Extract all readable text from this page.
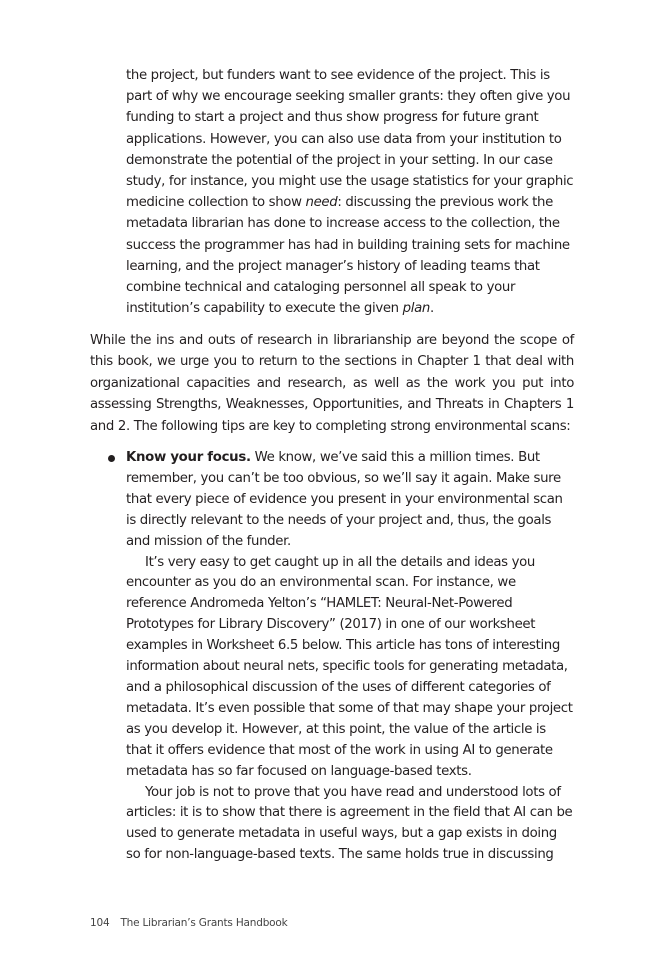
the project, but funders want to see evidence of the project. This is part of why we encourage seeking smaller grants: they often give you funding to start a project and thus show progress for future grant applications. However, you can also use data from your institution to demonstrate the potential of the project in your setting. In our case study, for instance, you might use the usage statistics for your graphic medicine collection to show need: discussing the previous work the metadata librarian has done to increase access to the collection, the success the programmer has had in building training sets for machine learning, and the project manager’s history of leading teams that combine technical and cataloging personnel all speak to your institution’s capability to execute the given plan.

While the ins and outs of research in librarianship are beyond the scope of this book, we urge you to return to the sections in Chapter 1 that deal with organizational capacities and research, as well as the work you put into assessing Strengths, Weaknesses, Opportunities, and Threats in Chapters 1 and 2. The following tips are key to completing strong environmental scans:

Know your focus. We know, we’ve said this a million times. But remember, you can’t be too obvious, so we’ll say it again. Make sure that every piece of evidence you present in your environmental scan is directly relevant to the needs of your project and, thus, the goals and mission of the funder.

It’s very easy to get caught up in all the details and ideas you encounter as you do an environmental scan. For instance, we reference Andromeda Yelton’s “HAMLET: Neural-Net-Powered Prototypes for Library Discovery” (2017) in one of our worksheet examples in Worksheet 6.5 below. This article has tons of interesting information about neural nets, specific tools for generating metadata, and a philosophical discussion of the uses of different categories of metadata. It’s even possible that some of that may shape your project as you develop it. However, at this point, the value of the article is that it offers evidence that most of the work in using AI to generate metadata has so far focused on language-based texts.

Your job is not to prove that you have read and understood lots of articles: it is to show that there is agreement in the field that AI can be used to generate metadata in useful ways, but a gap exists in doing so for non-language-based texts. The same holds true in discussing

104 The Librarian’s Grants Handbook
